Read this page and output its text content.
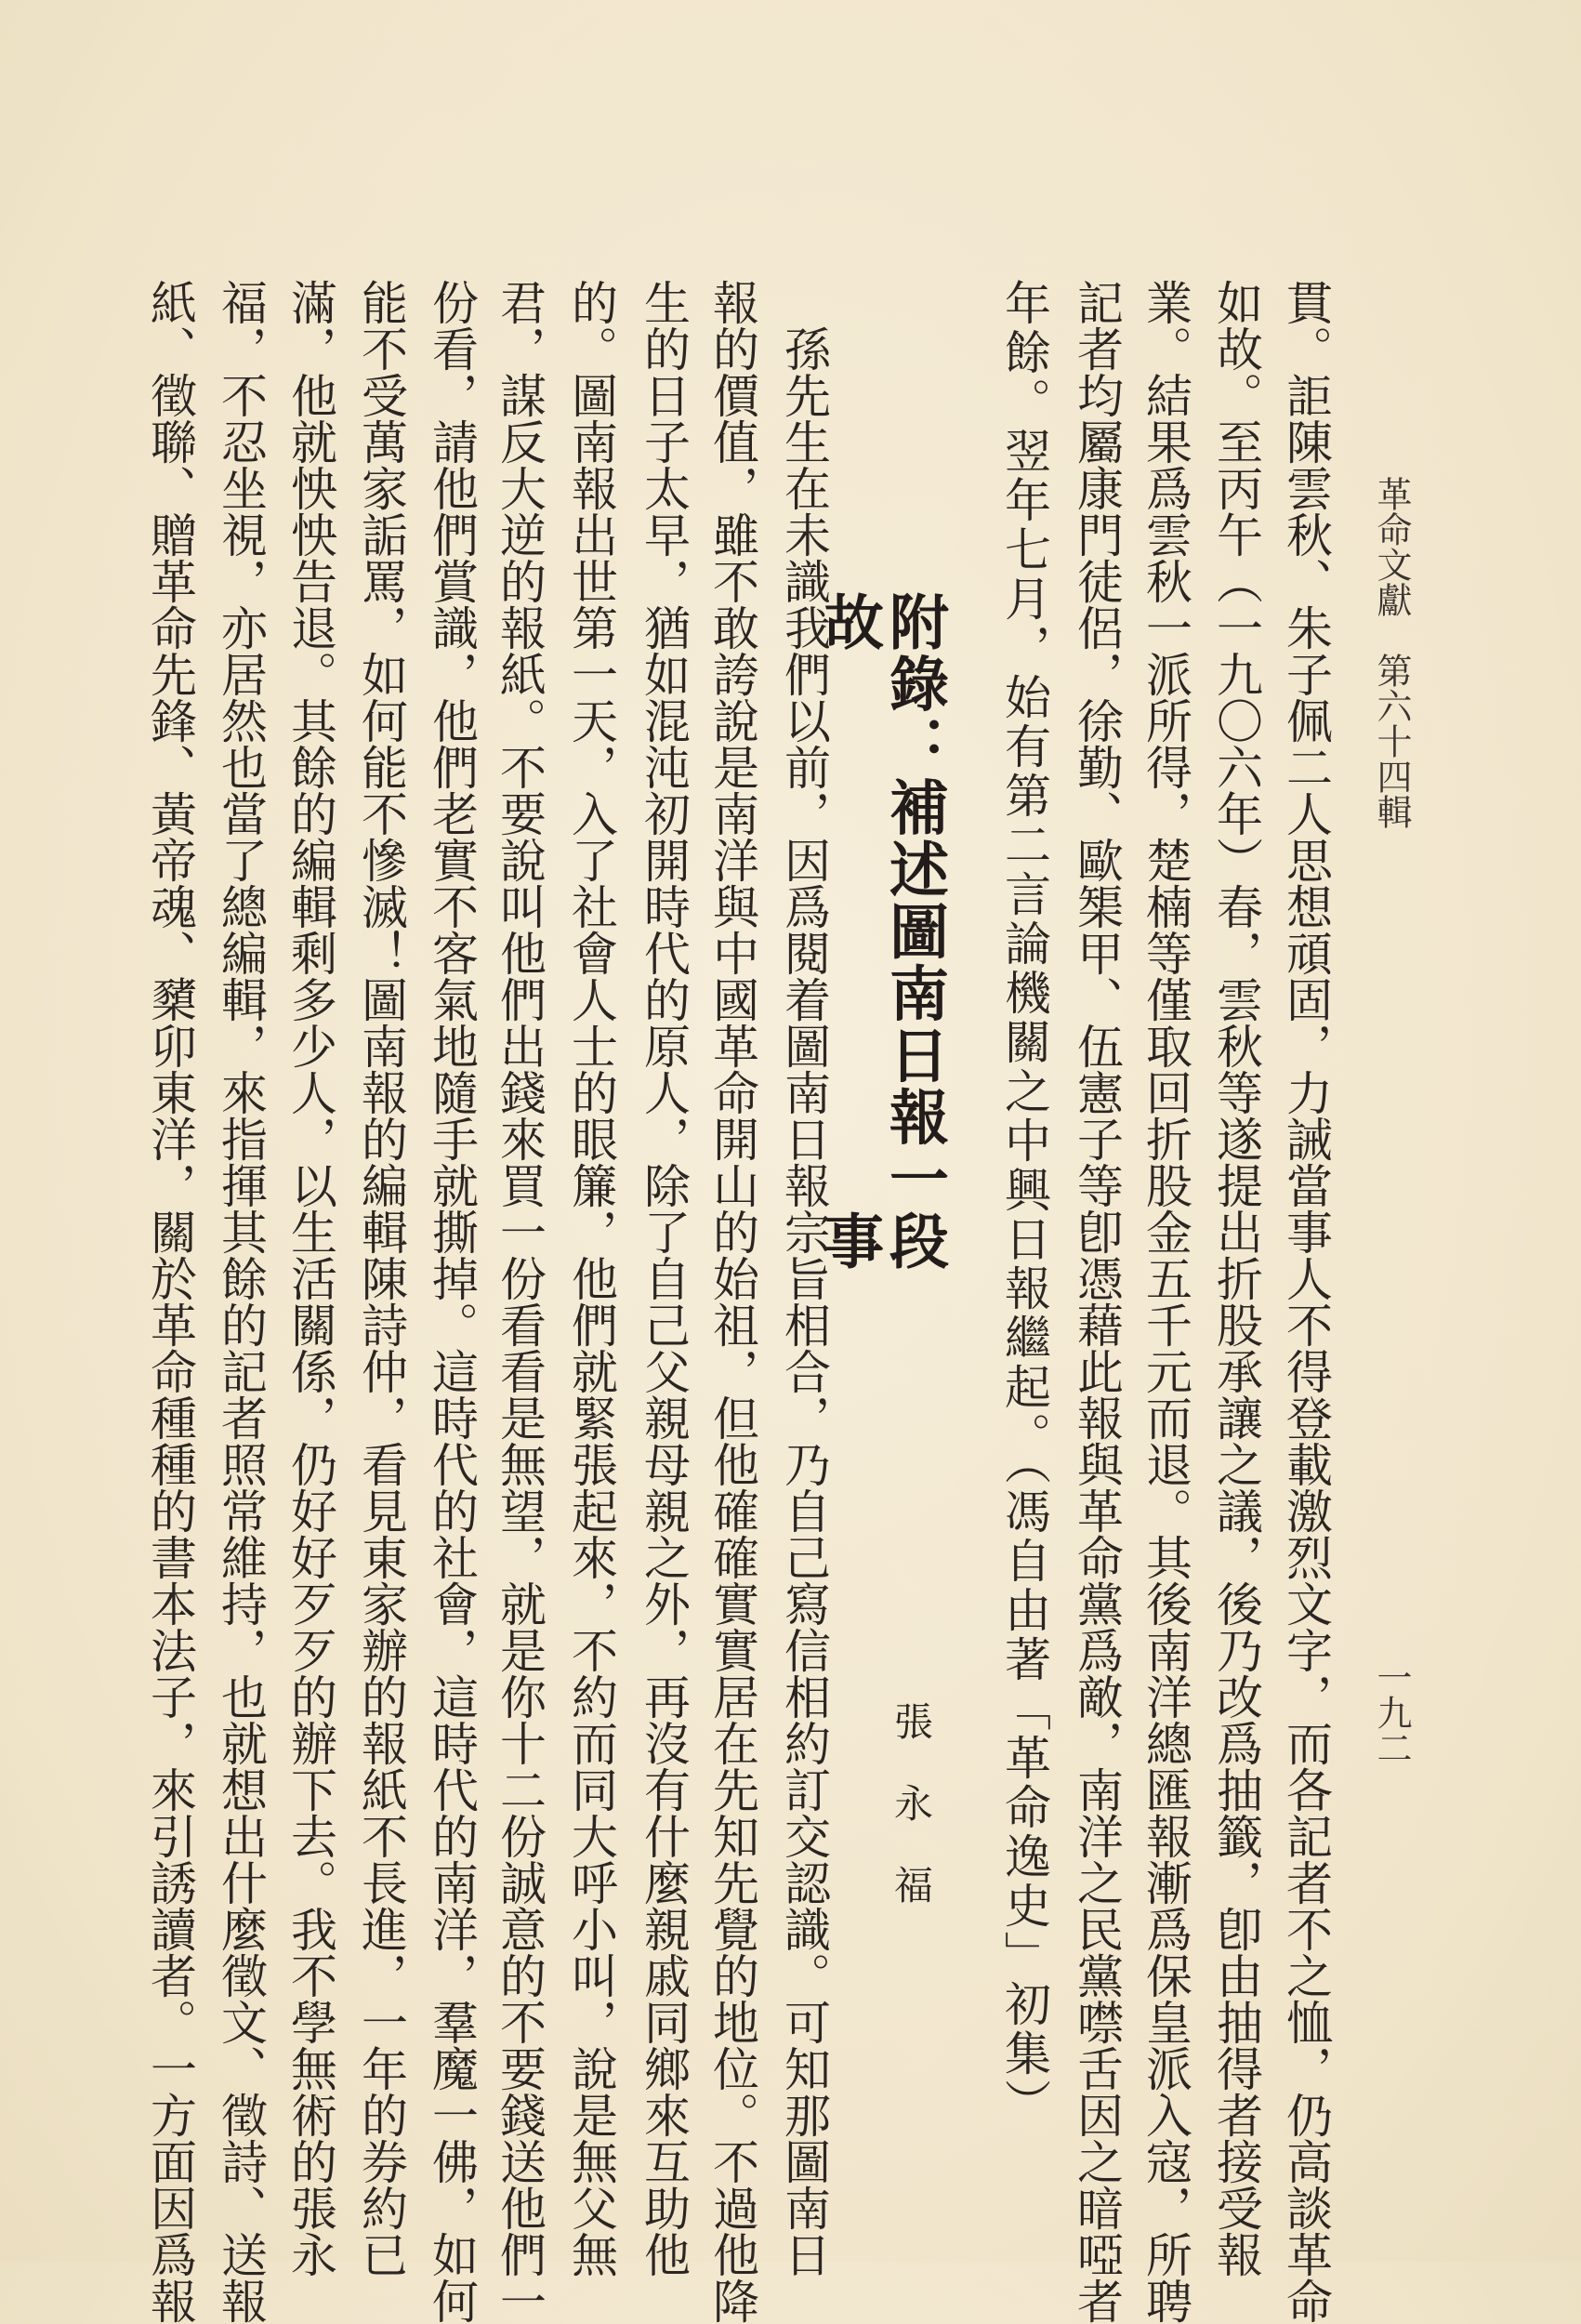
革命文獻　第六十四輯
一九二
貫。詎陳雲秋、朱子佩二人思想頑固，力誡當事人不得登載激烈文字，而各記者不之恤，仍高談革命
如故。至丙午（一九〇六年）春，雲秋等遂提出折股承讓之議，後乃改爲抽籤，卽由抽得者接受報
業。結果爲雲秋一派所得，楚楠等僅取回折股金五千元而退。其後南洋總匯報漸爲保皇派入寇，所聘
記者均屬康門徒侶，徐勤、歐榘甲、伍憲子等卽憑藉此報與革命黨爲敵，南洋之民黨噤舌因之暗啞者
年餘。翌年七月，始有第二言論機關之中興日報繼起。（馮自由著「革命逸史」初集）
附錄：補述圖南日報一段故事
張永福
　孫先生在未識我們以前，因爲閱着圖南日報宗旨相合，乃自己寫信相約訂交認識。可知那圖南日
報的價值，雖不敢誇說是南洋與中國革命開山的始祖，但他確確實實居在先知先覺的地位。不過他降
生的日子太早，猶如混沌初開時代的原人，除了自己父親母親之外，再沒有什麼親戚同鄉來互助他
的。圖南報出世第一天，入了社會人士的眼簾，他們就緊張起來，不約而同大呼小叫，說是無父無
君，謀反大逆的報紙。不要說叫他們出錢來買一份看看是無望，就是你十二份誠意的不要錢送他們一
份看，請他們賞識，他們老實不客氣地隨手就撕掉。這時代的社會，這時代的南洋，羣魔一佛，如何
能不受萬家詬罵，如何能不慘滅！圖南報的編輯陳詩仲，看見東家辦的報紙不長進，一年的券約已
滿，他就怏怏告退。其餘的編輯剩多少人，以生活關係，仍好好歹歹的辦下去。我不學無術的張永
福，不忍坐視，亦居然也當了總編輯，來指揮其餘的記者照常維持，也就想出什麼徵文、徵詩、送報
紙、徵聯、贈革命先鋒、黃帝魂、櫫卯東洋，關於革命種種的書本法子，來引誘讀者。一方面因爲報
